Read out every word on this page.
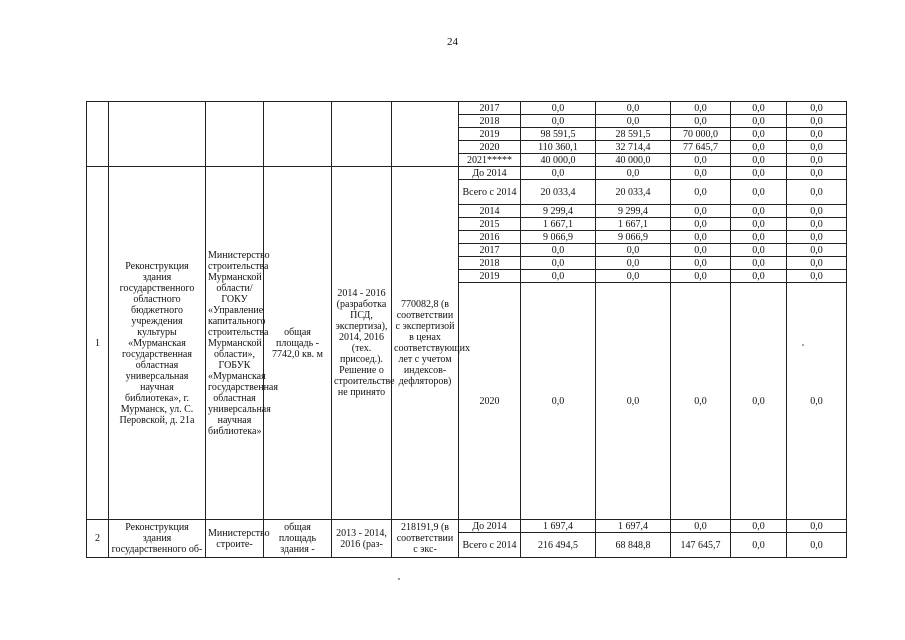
24
						2017	0,0	0,0	0,0	0,0	0,0
						2018	0,0	0,0	0,0	0,0	0,0
						2019	98 591,5	28 591,5	70 000,0	0,0	0,0
						2020	110 360,1	32 714,4	77 645,7	0,0	0,0
						2021*****	40 000,0	40 000,0	0,0	0,0	0,0
1	Реконструкция здания государственного областного бюджетного учреждения культуры «Мурманская государственная областная универсальная научная библиотека», г. Мурманск, ул. С. Перовской, д. 21а	Министерство строительства Мурманской области/ ГОКУ «Управление капитального строительства Мурманской области», ГОБУК «Мурманская государственная областная универсальная научная библиотека»	общая площадь - 7742,0 кв. м	2014 - 2016 (разработка ПСД, экспертиза), 2014, 2016 (тех. присоед.). Решение о строительстве не принято	770082,8 (в соответствии с экспертизой в ценах соответствующих лет с учетом индексов-дефляторов)	До 2014	0,0	0,0	0,0	0,0	0,0
						Всего с 2014	20 033,4	20 033,4	0,0	0,0	0,0
						2014	9 299,4	9 299,4	0,0	0,0	0,0
						2015	1 667,1	1 667,1	0,0	0,0	0,0
						2016	9 066,9	9 066,9	0,0	0,0	0,0
						2017	0,0	0,0	0,0	0,0	0,0
						2018	0,0	0,0	0,0	0,0	0,0
						2019	0,0	0,0	0,0	0,0	0,0
						2020	0,0	0,0	0,0	0,0	0,0
2	Реконструкция здания государственного об-	Министерство строите-	общая площадь здания -	2013 - 2014, 2016 (раз-	218191,9 (в соответствии с экс-	До 2014	1 697,4	1 697,4	0,0	0,0	0,0
						Всего с 2014	216 494,5	68 848,8	147 645,7	0,0	0,0
